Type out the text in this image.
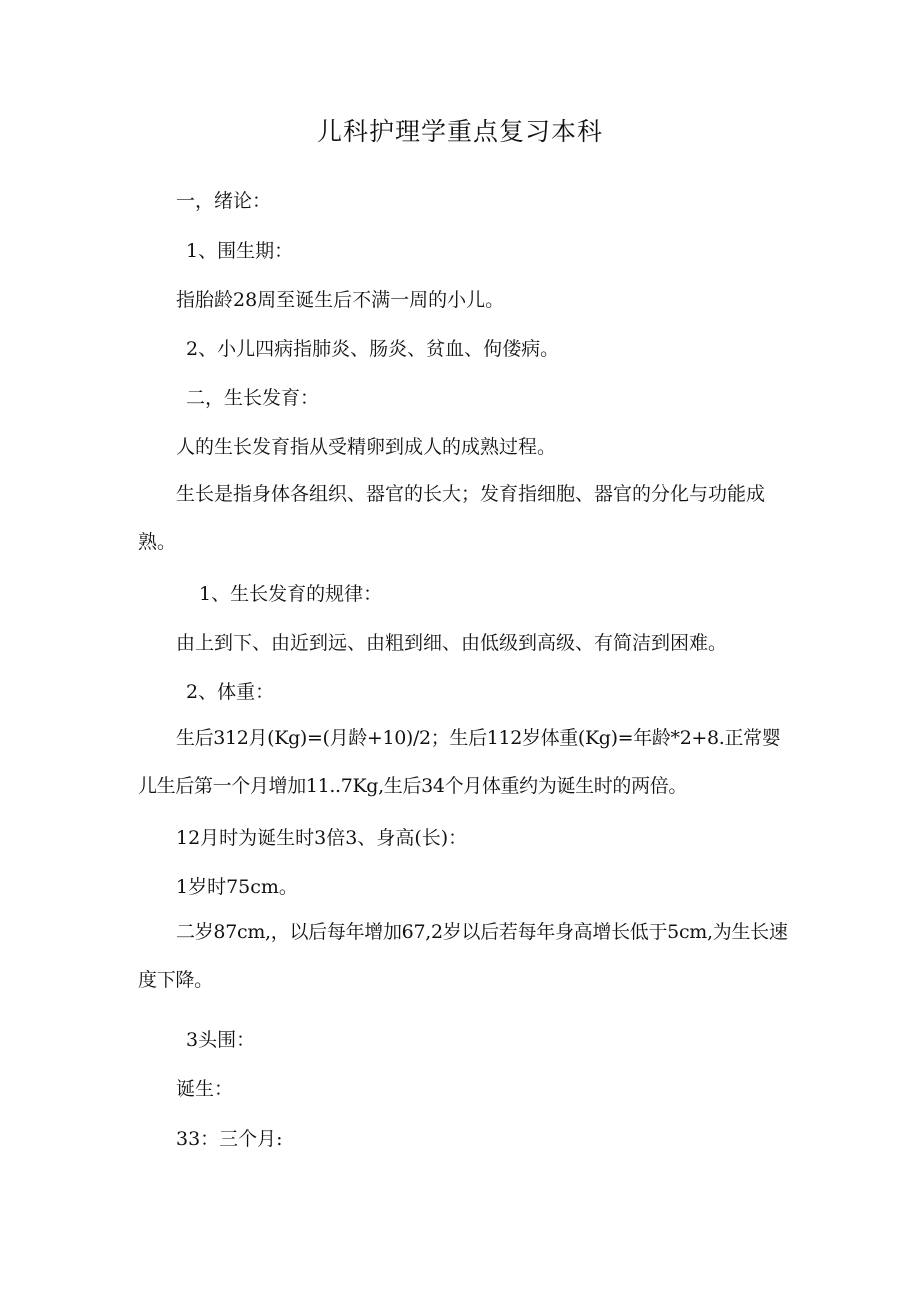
儿科护理学重点复习本科
一，绪论：
1、围生期：
指胎龄28周至诞生后不满一周的小儿。
2、小儿四病指肺炎、肠炎、贫血、佝偻病。
二，生长发育：
人的生长发育指从受精卵到成人的成熟过程。
生长是指身体各组织、器官的长大；发育指细胞、器官的分化与功能成熟。
1、生长发育的规律：
由上到下、由近到远、由粗到细、由低级到高级、有简洁到困难。
2、体重：
生后312月(Kg)=(月龄+10)/2；生后112岁体重(Kg)=年龄*2+8.正常婴儿生后第一个月增加11..7Kg,生后34个月体重约为诞生时的两倍。
12月时为诞生时3倍3、身高(长)：
1岁时75cm。
二岁87cm,，以后每年增加67,2岁以后若每年身高增长低于5cm,为生长速度下降。
3头围：
诞生：
33：三个月:
